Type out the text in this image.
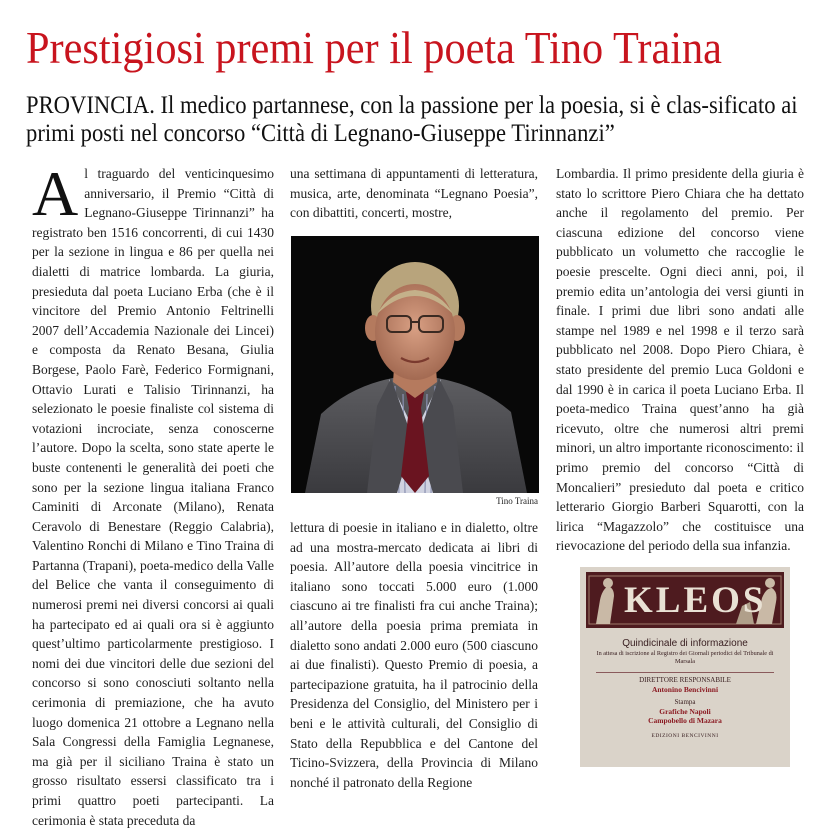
Prestigiosi premi per il poeta Tino Traina
PROVINCIA. Il medico partannese, con la passione per la poesia, si è clas-sificato ai primi posti nel concorso “Città di Legnano-Giuseppe Tirinnanzi”

Al traguardo del venticinquesimo anniversario, il Premio “Città di Legnano-Giuseppe Tirinnanzi” ha registrato ben 1516 concorrenti, di cui 1430 per la sezione in lingua e 86 per quella nei dialetti di matrice lombarda. La giuria, presieduta dal poeta Luciano Erba (che è il vincitore del Premio Antonio Feltrinelli 2007 dell’Accademia Nazionale dei Lincei) e composta da Renato Besana, Giulia Borgese, Paolo Farè, Federico Formignani, Ottavio Lurati e Talisio Tirinnanzi, ha selezionato le poesie finaliste col sistema di votazioni incrociate, senza conoscerne l’autore. Dopo la scelta, sono state aperte le buste contenenti le generalità dei poeti che sono per la sezione lingua italiana Franco Caminiti di Arconate (Milano), Renata Ceravolo di Benestare (Reggio Calabria), Valentino Ronchi di Milano e Tino Traina di Partanna (Trapani), poeta-medico della Valle del Belice che vanta il conseguimento di numerosi premi nei diversi concorsi ai quali ha partecipato ed ai quali ora si è aggiunto quest’ultimo particolarmente prestigioso. I nomi dei due vincitori delle due sezioni del concorso si sono conosciuti soltanto nella cerimonia di premiazione, che ha avuto luogo domenica 21 ottobre a Legnano nella Sala Congressi della Famiglia Legnanese, ma già per il siciliano Traina è stato un grosso risultato essersi classificato tra i primi quattro poeti partecipanti. La cerimonia è stata preceduta da

una settimana di appuntamenti di letteratura, musica, arte, denominata “Legnano Poesia”, con dibattiti, concerti, mostre,

Tino Traina

lettura di poesie in italiano e in dialetto, oltre ad una mostra-mercato dedicata ai libri di poesia. All’autore della poesia vincitrice in italiano sono toccati 5.000 euro (1.000 ciascuno ai tre finalisti fra cui anche Traina); all’autore della poesia prima premiata in dialetto sono andati 2.000 euro (500 ciascuno ai due finalisti). Questo Premio di poesia, a partecipazione gratuita, ha il patrocinio della Presidenza del Consiglio, del Ministero per i beni e le attività culturali, del Consiglio di Stato della Repubblica e del Cantone del Ticino-Svizzera, della Provincia di Milano nonché il patronato della Regione

Lombardia. Il primo presidente della giuria è stato lo scrittore Piero Chiara che ha dettato anche il regolamento del premio. Per ciascuna edizione del concorso viene pubblicato un volumetto che raccoglie le poesie prescelte. Ogni dieci anni, poi, il premio edita un’antologia dei versi giunti in finale. I primi due libri sono andati alle stampe nel 1989 e nel 1998 e il terzo sarà pubblicato nel 2008. Dopo Piero Chiara, è stato presidente del premio Luca Goldoni e dal 1990 è in carica il poeta Luciano Erba. Il poeta-medico Traina quest’anno ha già ricevuto, oltre che numerosi altri premi minori, un altro importante riconoscimento: il primo premio del concorso “Città di Moncalieri” presieduto dal poeta e critico letterario Giorgio Barberi Squarotti, con la lirica “Magazzolo” che costituisce una rievocazione del periodo della sua infanzia.

KLEOS
Quindicinale di informazione
In attesa di iscrizione al Registro dei Giornali periodici del Tribunale di Marsala
DIRETTORE RESPONSABILE
Antonino Bencivinni
Stampa
Grafiche Napoli
Campobello di Mazara
EDIZIONI BENCIVINNI
